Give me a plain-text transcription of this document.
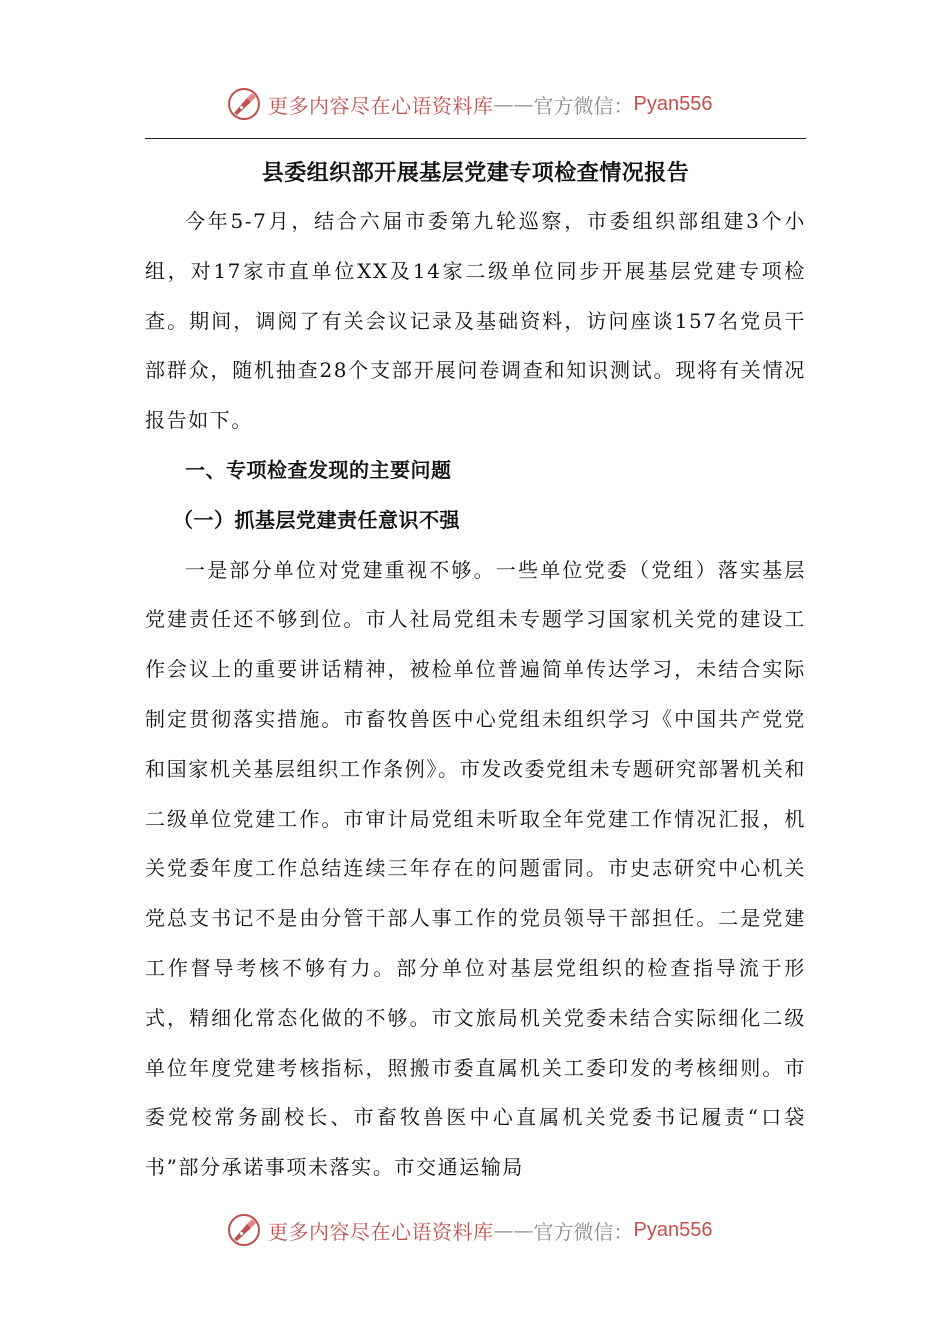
更多内容尽在心语资料库 —— 官方微信： Pyan556
县委组织部开展基层党建专项检查情况报告

今年5-7月，结合六届市委第九轮巡察，市委组织部组建3个小组，对17家市直单位XX及14家二级单位同步开展基层党建专项检查。期间，调阅了有关会议记录及基础资料，访问座谈157名党员干部群众，随机抽查28个支部开展问卷调查和知识测试。现将有关情况报告如下。

一、专项检查发现的主要问题

（一）抓基层党建责任意识不强

一是部分单位对党建重视不够。一些单位党委（党组）落实基层党建责任还不够到位。市人社局党组未专题学习国家机关党的建设工作会议上的重要讲话精神，被检单位普遍简单传达学习，未结合实际制定贯彻落实措施。市畜牧兽医中心党组未组织学习《中国共产党党和国家机关基层组织工作条例》。市发改委党组未专题研究部署机关和二级单位党建工作。市审计局党组未听取全年党建工作情况汇报，机关党委年度工作总结连续三年存在的问题雷同。市史志研究中心机关党总支书记不是由分管干部人事工作的党员领导干部担任。二是党建工作督导考核不够有力。部分单位对基层党组织的检查指导流于形式，精细化常态化做的不够。市文旅局机关党委未结合实际细化二级单位年度党建考核指标，照搬市委直属机关工委印发的考核细则。市委党校常务副校长、市畜牧兽医中心直属机关党委书记履责“口袋书”部分承诺事项未落实。市交通运输局

更多内容尽在心语资料库 —— 官方微信： Pyan556
